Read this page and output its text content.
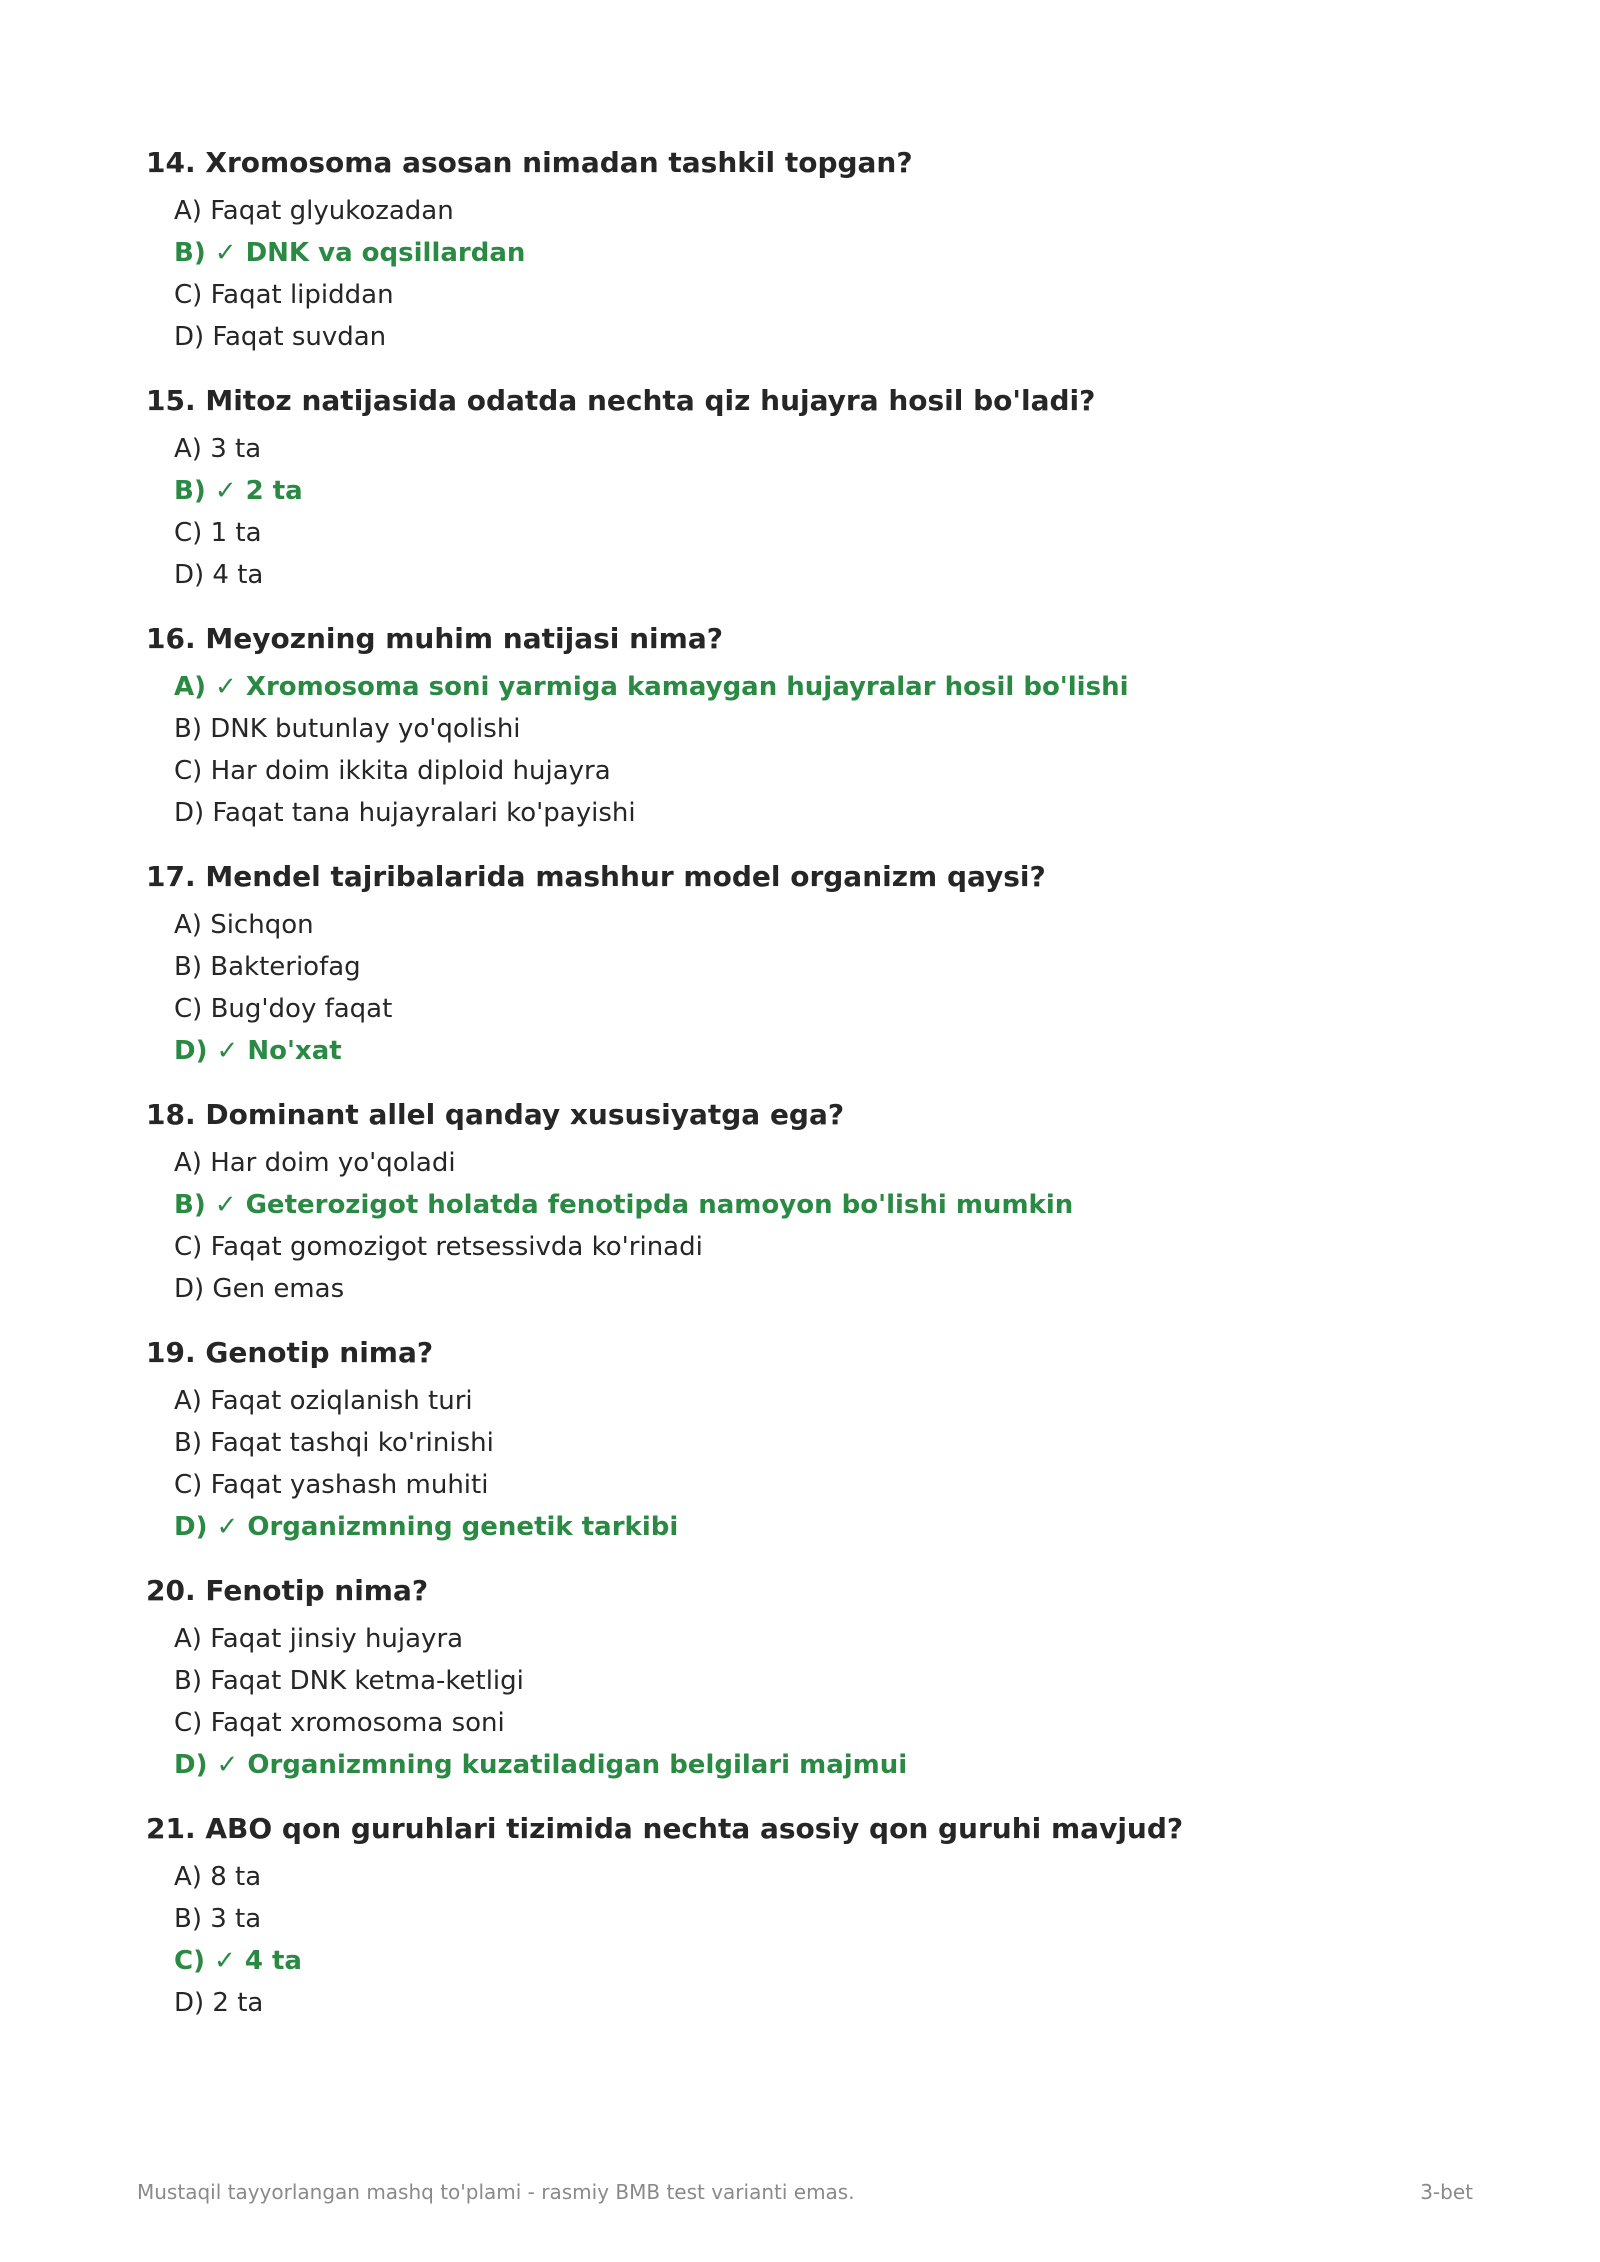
14. Xromosoma asosan nimadan tashkil topgan?
A) Faqat glyukozadan
B) ✓ DNK va oqsillardan
C) Faqat lipiddan
D) Faqat suvdan
15. Mitoz natijasida odatda nechta qiz hujayra hosil bo'ladi?
A) 3 ta
B) ✓ 2 ta
C) 1 ta
D) 4 ta
16. Meyozning muhim natijasi nima?
A) ✓ Xromosoma soni yarmiga kamaygan hujayralar hosil bo'lishi
B) DNK butunlay yo'qolishi
C) Har doim ikkita diploid hujayra
D) Faqat tana hujayralari ko'payishi
17. Mendel tajribalarida mashhur model organizm qaysi?
A) Sichqon
B) Bakteriofag
C) Bug'doy faqat
D) ✓ No'xat
18. Dominant allel qanday xususiyatga ega?
A) Har doim yo'qoladi
B) ✓ Geterozigot holatda fenotipda namoyon bo'lishi mumkin
C) Faqat gomozigot retsessivda ko'rinadi
D) Gen emas
19. Genotip nima?
A) Faqat oziqlanish turi
B) Faqat tashqi ko'rinishi
C) Faqat yashash muhiti
D) ✓ Organizmning genetik tarkibi
20. Fenotip nima?
A) Faqat jinsiy hujayra
B) Faqat DNK ketma-ketligi
C) Faqat xromosoma soni
D) ✓ Organizmning kuzatiladigan belgilari majmui
21. ABO qon guruhlari tizimida nechta asosiy qon guruhi mavjud?
A) 8 ta
B) 3 ta
C) ✓ 4 ta
D) 2 ta
Mustaqil tayyorlangan mashq to'plami - rasmiy BMB test varianti emas.	3-bet
